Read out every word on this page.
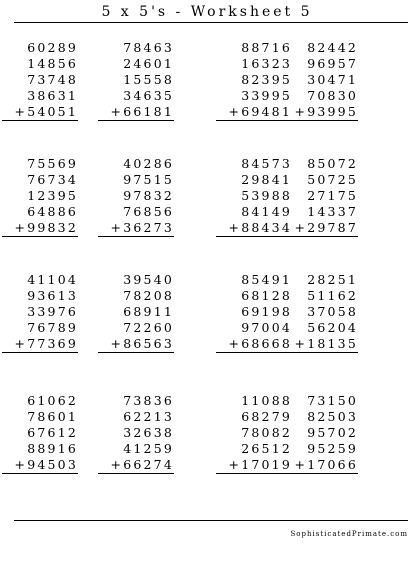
5 x 5's - Worksheet 5
60289
14856
73748
38631
+54051
78463
24601
15558
34635
+66181
88716
16323
82395
33995
+69481
82442
96957
30471
70830
+93995
75569
76734
12395
64886
+99832
40286
97515
97832
76856
+36273
84573
29841
53988
84149
+88434
85072
50725
27175
14337
+29787
41104
93613
33976
76789
+77369
39540
78208
68911
72260
+86563
85491
68128
69198
97004
+68668
28251
51162
37058
56204
+18135
61062
78601
67612
88916
+94503
73836
62213
32638
41259
+66274
11088
68279
78082
26512
+17019
73150
82503
95702
95259
+17066
SophisticatedPrimate.com
